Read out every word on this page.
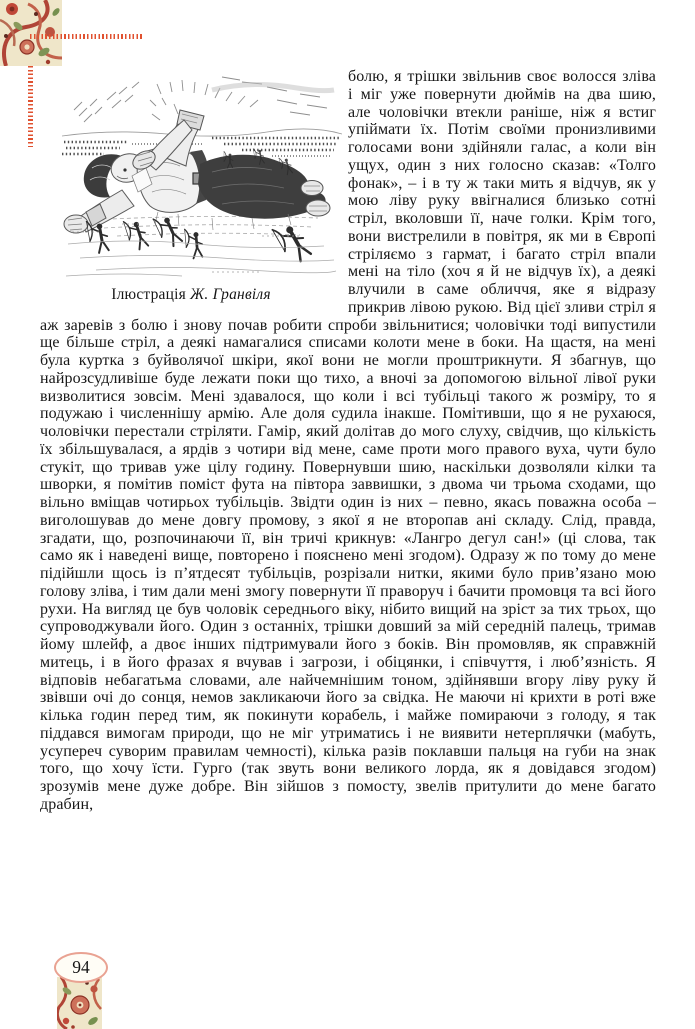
Ілюстрація Ж. Гранвіля

болю, я трішки звільнив своє волосся зліва і міг уже повернути дюймів на два шию, але чоловічки втекли раніше, ніж я встиг упіймати їх. Потім своїми пронизливими голосами вони здійняли галас, а коли він ущух, один з них голосно сказав: «Толго фонак», – і в ту ж таки мить я відчув, як у мою ліву руку ввігналися близько сотні стріл, вколовши її, наче голки. Крім того, вони вистрелили в повітря, як ми в Європі стріляємо з гармат, і багато стріл впали мені на тіло (хоч я й не відчув їх), а деякі влучили в саме обличчя, яке я відразу прикрив лівою рукою. Від цієї зливи стріл я аж заревів з болю і знову почав робити спроби звільнитися; чоловічки тоді випустили ще більше стріл, а деякі намагалися списами колоти мене в боки. На щастя, на мені була куртка з буйволячої шкіри, якої вони не могли проштрикнути. Я збагнув, що найрозсудливіше буде лежати поки що тихо, а вночі за допомогою вільної лівої руки визволитися зовсім. Мені здавалося, що коли і всі тубільці такого ж розміру, то я подужаю і численнішу армію. Але доля судила інакше. Помітивши, що я не рухаюся, чоловічки перестали стріляти. Гамір, який долітав до мого слуху, свідчив, що кількість їх збільшувалася, а ярдів з чотири від мене, саме проти мого правого вуха, чути було стукіт, що тривав уже цілу годину. Повернувши шию, наскільки дозволяли кілки та шворки, я помітив поміст фута на півтора заввишки, з двома чи трьома сходами, що вільно вміщав чотирьох тубільців. Звідти один із них – певно, якась поважна особа – виголошував до мене довгу промову, з якої я не второпав ані складу. Слід, правда, згадати, що, розпочинаючи її, він тричі крикнув: «Лангро дегул сан!» (ці слова, так само як і наведені вище, повторено і пояснено мені згодом). Одразу ж по тому до мене підійшли щось із п’ятдесят тубільців, розрізали нитки, якими було прив’язано мою голову зліва, і тим дали мені змогу повернути її праворуч і бачити промовця та всі його рухи. На вигляд це був чоловік середнього віку, нібито вищий на зріст за тих трьох, що супроводжували його. Один з останніх, трішки довший за мій середній палець, тримав йому шлейф, а двоє інших підтримували його з боків. Він промовляв, як справжній митець, і в його фразах я вчував і загрози, і обіцянки, і співчуття, і люб’язність. Я відповів небагатьма словами, але найчемнішим тоном, здійнявши вгору ліву руку й звівши очі до сонця, немов закликаючи його за свідка. Не маючи ні крихти в роті вже кілька годин перед тим, як покинути корабель, і майже помираючи з голоду, я так піддався вимогам природи, що не міг утриматись і не виявити нетерплячки (мабуть, усупереч суворим правилам чемності), кілька разів поклавши пальця на губи на знак того, що хочу їсти. Гурго (так звуть вони великого лорда, як я довідався згодом) зрозумів мене дуже добре. Він зійшов з помосту, звелів притулити до мене багато драбин,

94
